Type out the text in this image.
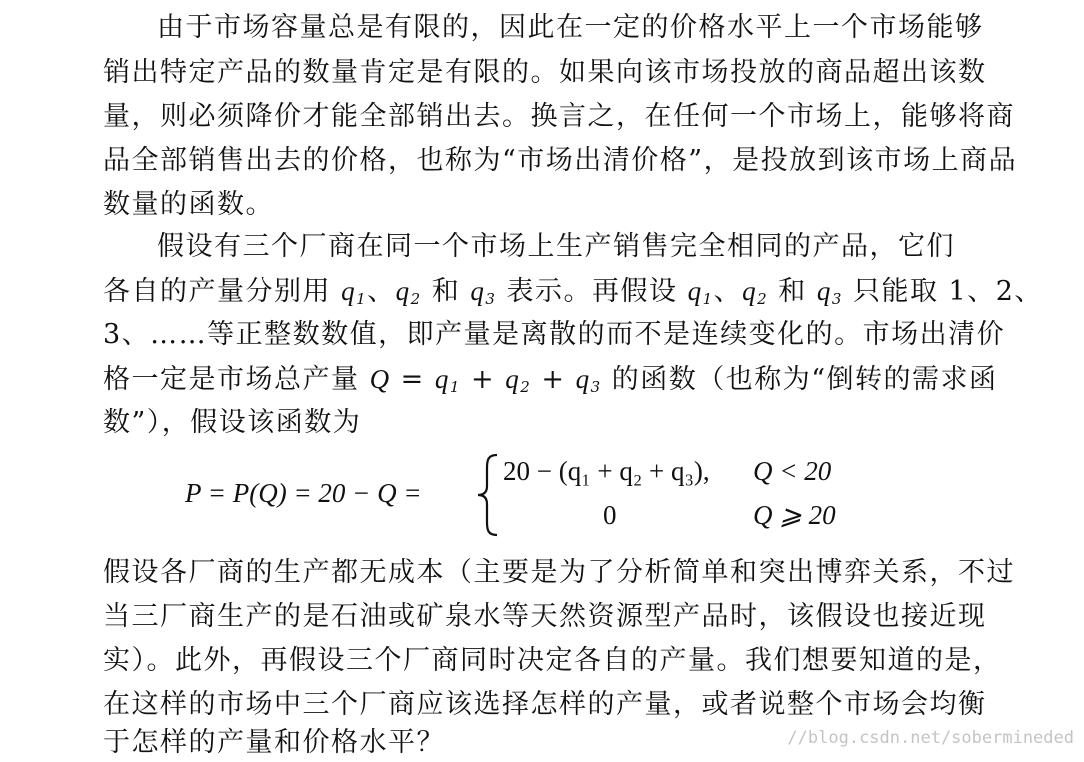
由于市场容量总是有限的，因此在一定的价格水平上一个市场能够
销出特定产品的数量肯定是有限的。如果向该市场投放的商品超出该数
量，则必须降价才能全部销出去。换言之，在任何一个市场上，能够将商
品全部销售出去的价格，也称为“市场出清价格”，是投放到该市场上商品
数量的函数。
假设有三个厂商在同一个市场上生产销售完全相同的产品，它们
各自的产量分别用 $q_1$、$q_2$ 和 $q_3$ 表示。再假设 $q_1$、$q_2$ 和 $q_3$ 只能取 1、2、
3、……等正整数数值，即产量是离散的而不是连续变化的。市场出清价
格一定是市场总产量 $Q = q_1 + q_2 + q_3$ 的函数（也称为“倒转的需求函
数”），假设该函数为
P = P(Q) = 20 − Q =
20 − (q₁ + q₂ + q₃), Q < 20
0	Q ⩾ 20
假设各厂商的生产都无成本（主要是为了分析简单和突出博弈关系，不过
当三厂商生产的是石油或矿泉水等天然资源型产品时，该假设也接近现
实）。此外，再假设三个厂商同时决定各自的产量。我们想要知道的是，
在这样的市场中三个厂商应该选择怎样的产量，或者说整个市场会均衡
于怎样的产量和价格水平？	//blog.csdn.net/sobermineded
